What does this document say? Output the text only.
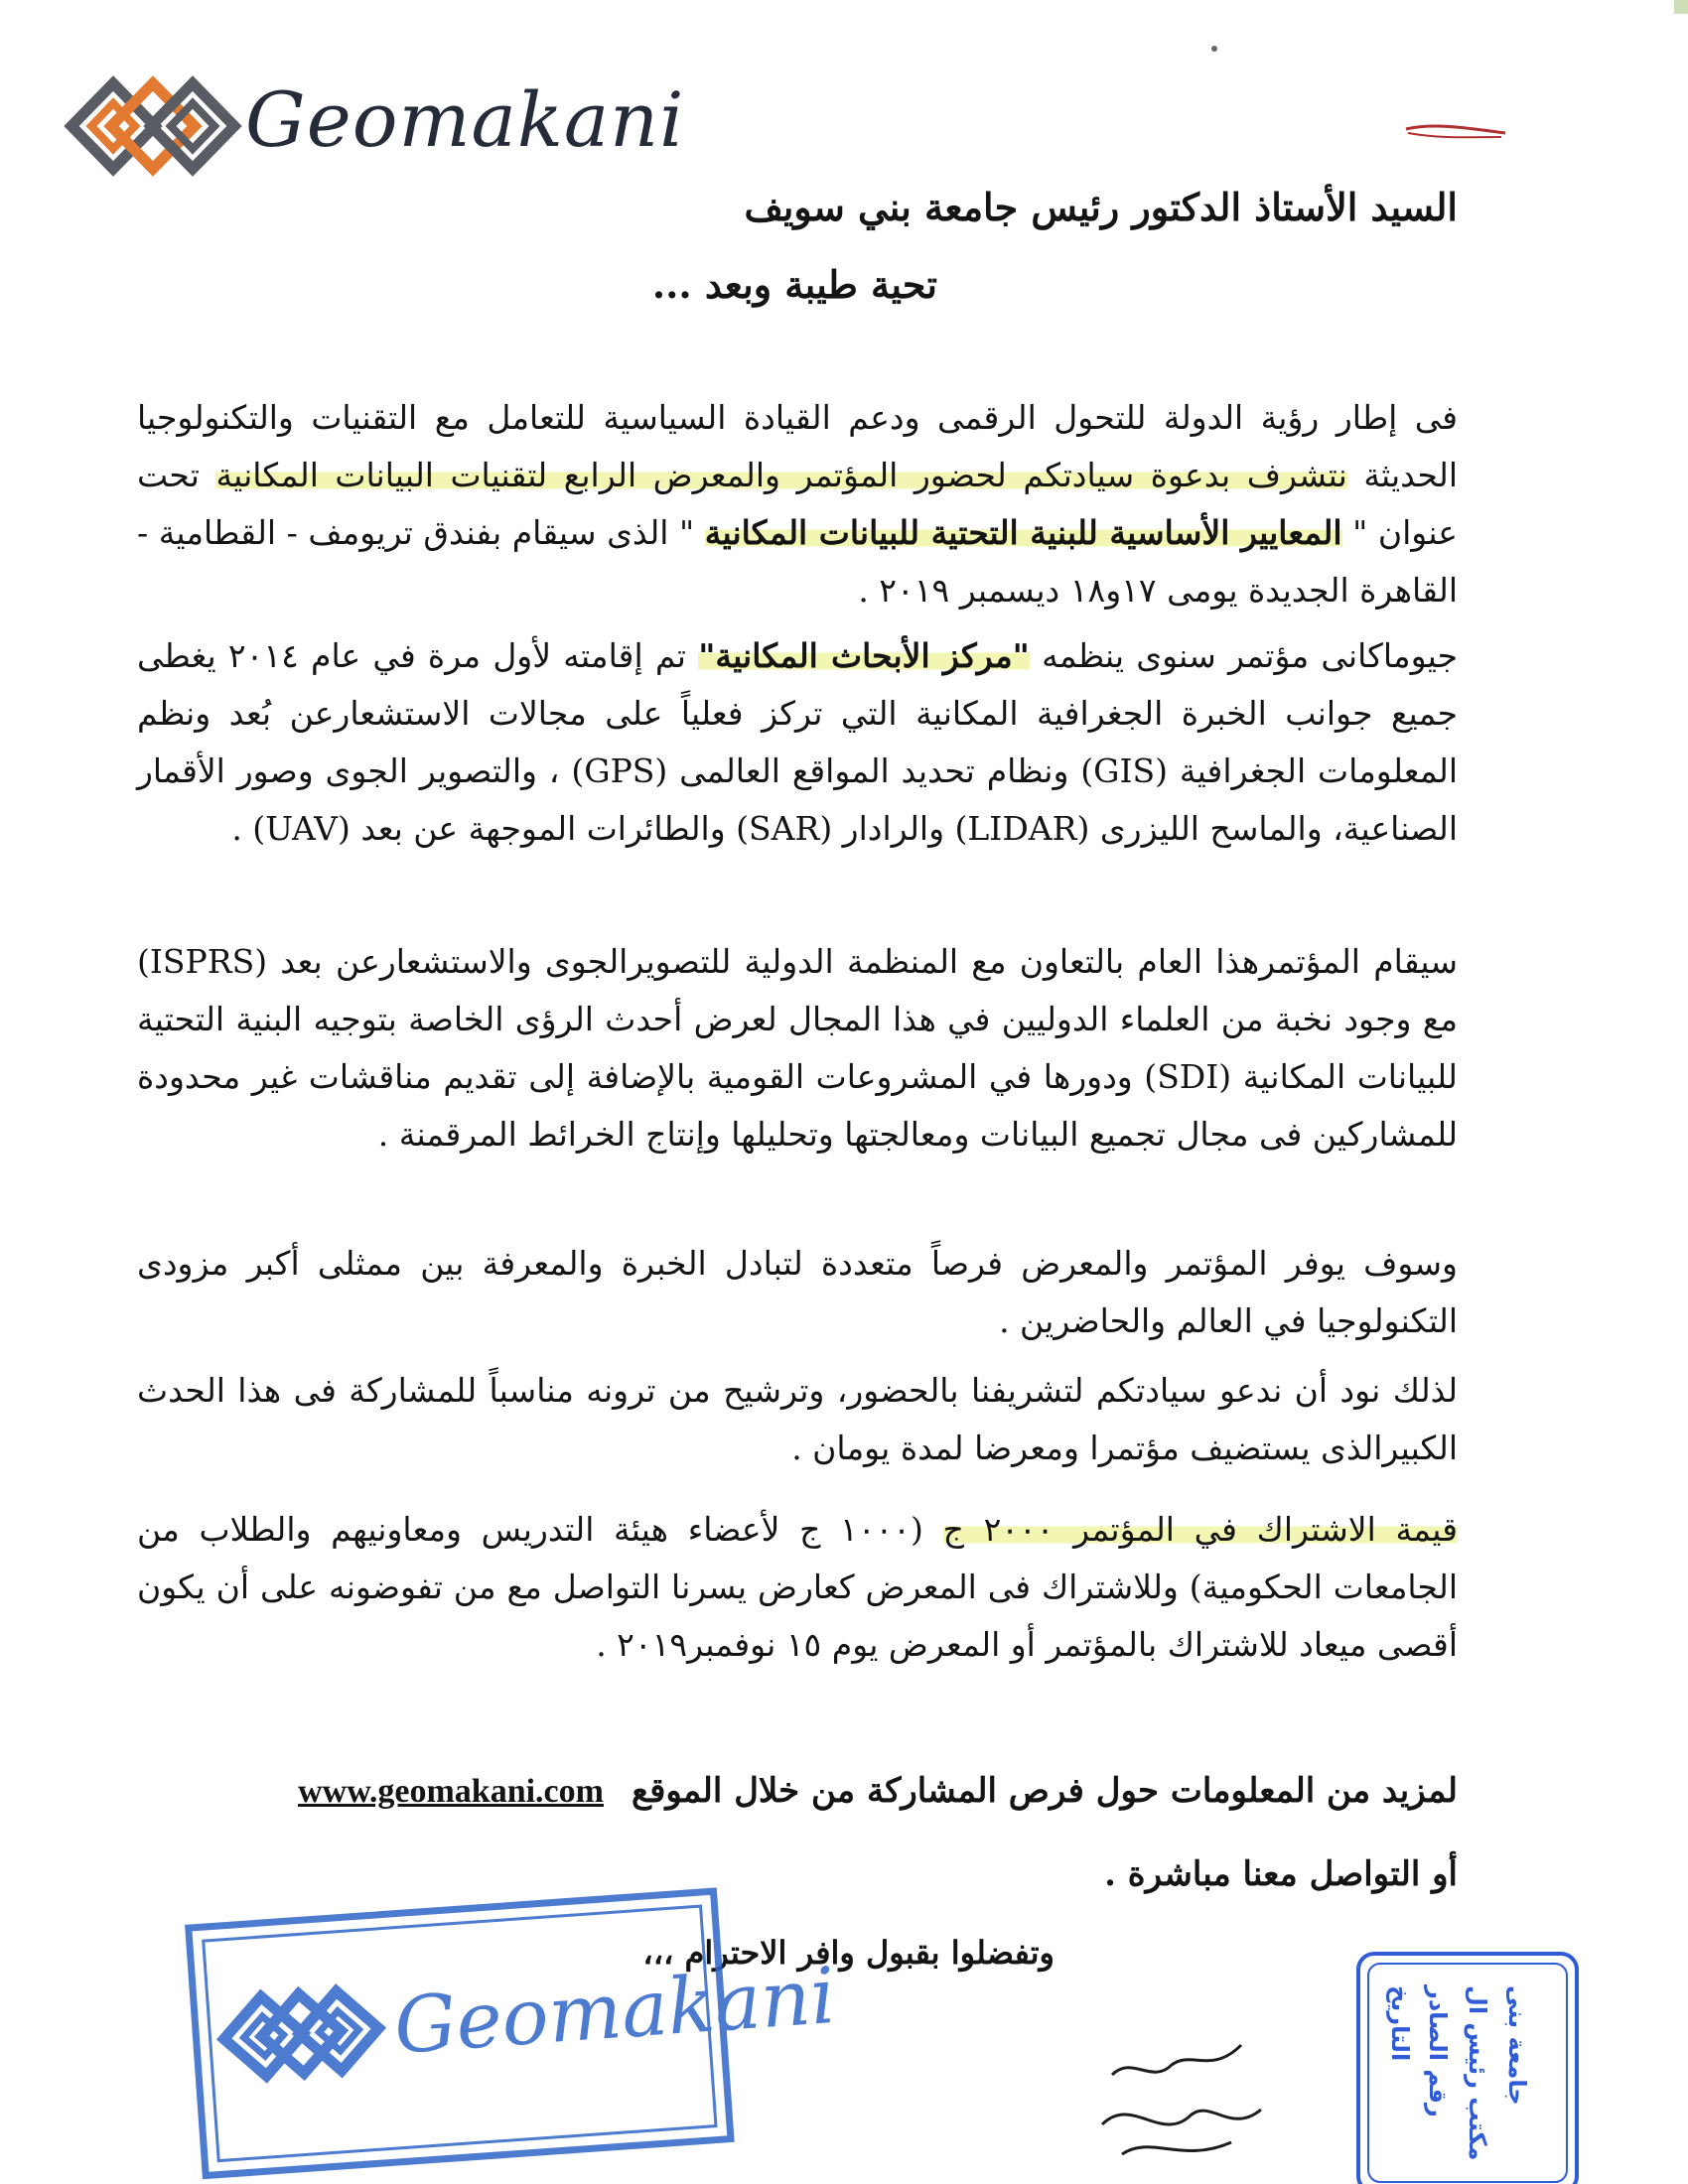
Geomakani
السيد الأستاذ الدكتور رئيس جامعة بني سويف
تحية طيبة وبعد ...
فى إطار رؤية الدولة للتحول الرقمى ودعم القيادة السياسية للتعامل مع التقنيات والتكنولوجيا الحديثة نتشرف بدعوة سيادتكم لحضور المؤتمر والمعرض الرابع لتقنيات البيانات المكانية تحت عنوان " المعايير الأساسية للبنية التحتية للبيانات المكانية " الذى سيقام بفندق تريومف - القطامية - القاهرة الجديدة يومى ١٧و١٨ ديسمبر ٢٠١٩ .
جيوماكانى مؤتمر سنوى ينظمه "مركز الأبحاث المكانية" تم إقامته لأول مرة في عام ٢٠١٤ يغطى جميع جوانب الخبرة الجغرافية المكانية التي تركز فعلياً على مجالات الاستشعارعن بُعد ونظم المعلومات الجغرافية (GIS) ونظام تحديد المواقع العالمى (GPS) ، والتصوير الجوى وصور الأقمار الصناعية، والماسح الليزرى (LIDAR) والرادار (SAR) والطائرات الموجهة عن بعد (UAV) .
سيقام المؤتمرهذا العام بالتعاون مع المنظمة الدولية للتصويرالجوى والاستشعارعن بعد (ISPRS) مع وجود نخبة من العلماء الدوليين في هذا المجال لعرض أحدث الرؤى الخاصة بتوجيه البنية التحتية للبيانات المكانية (SDI) ودورها في المشروعات القومية بالإضافة إلى تقديم مناقشات غير محدودة للمشاركين فى مجال تجميع البيانات ومعالجتها وتحليلها وإنتاج الخرائط المرقمنة .
وسوف يوفر المؤتمر والمعرض فرصاً متعددة لتبادل الخبرة والمعرفة بين ممثلى أكبر مزودى التكنولوجيا في العالم والحاضرين .
لذلك نود أن ندعو سيادتكم لتشريفنا بالحضور، وترشيح من ترونه مناسباً للمشاركة فى هذا الحدث الكبيرالذى يستضيف مؤتمرا ومعرضا لمدة يومان .
قيمة الاشتراك في المؤتمر ٢٠٠٠ ج (١٠٠٠ ج لأعضاء هيئة التدريس ومعاونيهم والطلاب من الجامعات الحكومية) وللاشتراك فى المعرض كعارض يسرنا التواصل مع من تفوضونه على أن يكون أقصى ميعاد للاشتراك بالمؤتمر أو المعرض يوم ١٥ نوفمبر٢٠١٩ .
لمزيد من المعلومات حول فرص المشاركة من خلال الموقعwww.geomakani.com
أو التواصل معنا مباشرة .
وتفضلوا بقبول وافر الاحترام ،،،
Geomakani	جامعة بنى
مكتب رئيس ال
رقم الصادر
التاريخ
